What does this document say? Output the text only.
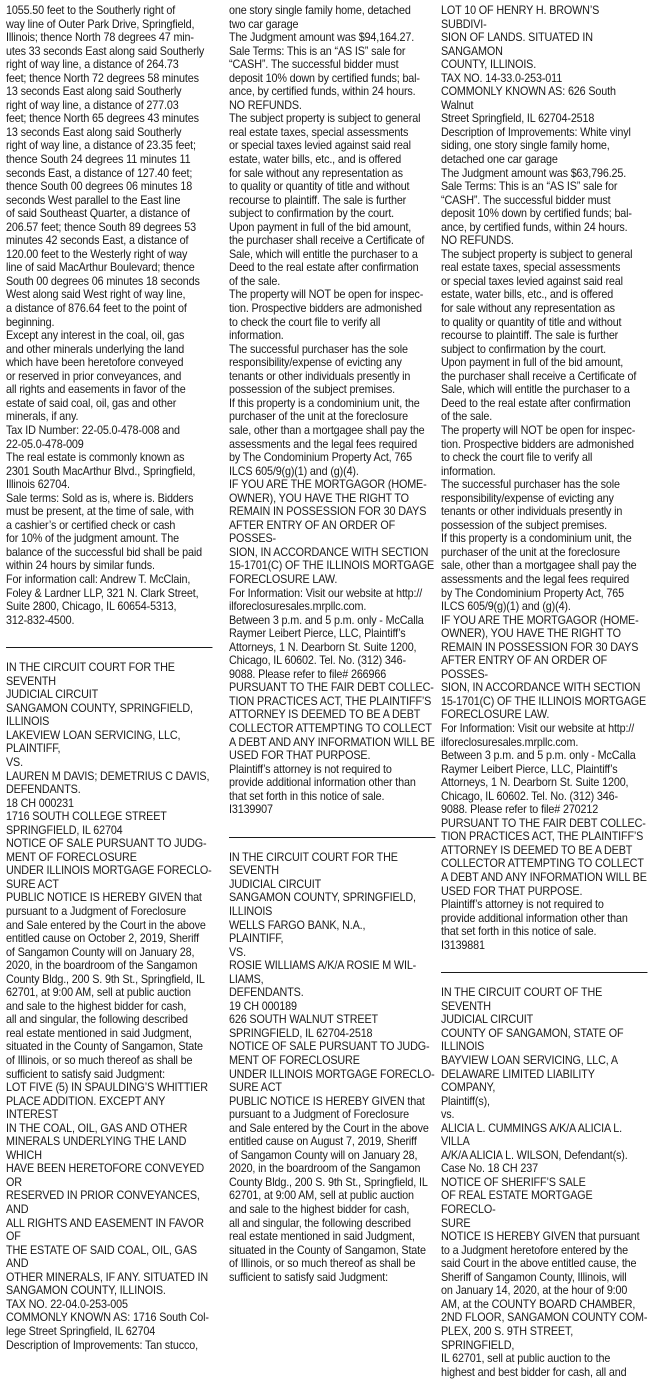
1055.50 feet to the Southerly right of
way line of Outer Park Drive, Springfield,
Illinois; thence North 78 degrees 47 min-
utes 33 seconds East along said Southerly
right of way line, a distance of 264.73
feet; thence North 72 degrees 58 minutes
13 seconds East along said Southerly
right of way line, a distance of 277.03
feet; thence North 65 degrees 43 minutes
13 seconds East along said Southerly
right of way line, a distance of 23.35 feet;
thence South 24 degrees 11 minutes 11
seconds East, a distance of 127.40 feet;
thence South 00 degrees 06 minutes 18
seconds West parallel to the East line
of said Southeast Quarter, a distance of
206.57 feet; thence South 89 degrees 53
minutes 42 seconds East, a distance of
120.00 feet to the Westerly right of way
line of said MacArthur Boulevard; thence
South 00 degrees 06 minutes 18 seconds
West along said West right of way line,
a distance of 876.64 feet to the point of
beginning.
Except any interest in the coal, oil, gas
and other minerals underlying the land
which have been heretofore conveyed
or reserved in prior conveyances, and
all rights and easements in favor of the
estate of said coal, oil, gas and other
minerals, if any.
Tax ID Number: 22-05.0-478-008 and
22-05.0-478-009
The real estate is commonly known as
2301 South MacArthur Blvd., Springfield,
Illinois 62704.
Sale terms: Sold as is, where is. Bidders
must be present, at the time of sale, with
a cashier’s or certified check or cash
for 10% of the judgment amount. The
balance of the successful bid shall be paid
within 24 hours by similar funds.
For information call: Andrew T. McClain,
Foley & Lardner LLP, 321 N. Clark Street,
Suite 2800, Chicago, IL 60654-5313,
312-832-4500.

IN THE CIRCUIT COURT FOR THE SEVENTH
JUDICIAL CIRCUIT
SANGAMON COUNTY, SPRINGFIELD,
ILLINOIS
LAKEVIEW LOAN SERVICING, LLC,
PLAINTIFF,
VS.
LAUREN M DAVIS; DEMETRIUS C DAVIS,
DEFENDANTS.
18 CH 000231
1716 SOUTH COLLEGE STREET
SPRINGFIELD, IL 62704
NOTICE OF SALE PURSUANT TO JUDG-
MENT OF FORECLOSURE
UNDER ILLINOIS MORTGAGE FORECLO-
SURE ACT
PUBLIC NOTICE IS HEREBY GIVEN that
pursuant to a Judgment of Foreclosure
and Sale entered by the Court in the above
entitled cause on October 2, 2019, Sheriff
of Sangamon County will on January 28,
2020, in the boardroom of the Sangamon
County Bldg., 200 S. 9th St., Springfield, IL
62701, at 9:00 AM, sell at public auction
and sale to the highest bidder for cash,
all and singular, the following described
real estate mentioned in said Judgment,
situated in the County of Sangamon, State
of Illinois, or so much thereof as shall be
sufficient to satisfy said Judgment:
LOT FIVE (5) IN SPAULDING’S WHITTIER
PLACE ADDITION. EXCEPT ANY INTEREST
IN THE COAL, OIL, GAS AND OTHER
MINERALS UNDERLYING THE LAND WHICH
HAVE BEEN HERETOFORE CONVEYED OR
RESERVED IN PRIOR CONVEYANCES, AND
ALL RIGHTS AND EASEMENT IN FAVOR OF
THE ESTATE OF SAID COAL, OIL, GAS AND
OTHER MINERALS, IF ANY. SITUATED IN
SANGAMON COUNTY, ILLINOIS.
TAX NO. 22-04.0-253-005
COMMONLY KNOWN AS: 1716 South Col-
lege Street Springfield, IL 62704
Description of Improvements: Tan stucco,

one story single family home, detached
two car garage
The Judgment amount was $94,164.27.
Sale Terms: This is an “AS IS” sale for
“CASH”. The successful bidder must
deposit 10% down by certified funds; bal-
ance, by certified funds, within 24 hours.
NO REFUNDS.
The subject property is subject to general
real estate taxes, special assessments
or special taxes levied against said real
estate, water bills, etc., and is offered
for sale without any representation as
to quality or quantity of title and without
recourse to plaintiff. The sale is further
subject to confirmation by the court.
Upon payment in full of the bid amount,
the purchaser shall receive a Certificate of
Sale, which will entitle the purchaser to a
Deed to the real estate after confirmation
of the sale.
The property will NOT be open for inspec-
tion. Prospective bidders are admonished
to check the court file to verify all
information.
The successful purchaser has the sole
responsibility/expense of evicting any
tenants or other individuals presently in
possession of the subject premises.
If this property is a condominium unit, the
purchaser of the unit at the foreclosure
sale, other than a mortgagee shall pay the
assessments and the legal fees required
by The Condominium Property Act, 765
ILCS 605/9(g)(1) and (g)(4).
IF YOU ARE THE MORTGAGOR (HOME-
OWNER), YOU HAVE THE RIGHT TO
REMAIN IN POSSESSION FOR 30 DAYS
AFTER ENTRY OF AN ORDER OF POSSES-
SION, IN ACCORDANCE WITH SECTION
15-1701(C) OF THE ILLINOIS MORTGAGE
FORECLOSURE LAW.
For Information: Visit our website at http://
ilforeclosuresales.mrpllc.com.
Between 3 p.m. and 5 p.m. only - McCalla
Raymer Leibert Pierce, LLC, Plaintiff’s
Attorneys, 1 N. Dearborn St. Suite 1200,
Chicago, IL 60602. Tel. No. (312) 346-
9088. Please refer to file# 266966
PURSUANT TO THE FAIR DEBT COLLEC-
TION PRACTICES ACT, THE PLAINTIFF’S
ATTORNEY IS DEEMED TO BE A DEBT
COLLECTOR ATTEMPTING TO COLLECT
A DEBT AND ANY INFORMATION WILL BE
USED FOR THAT PURPOSE.
Plaintiff’s attorney is not required to
provide additional information other than
that set forth in this notice of sale.
I3139907

IN THE CIRCUIT COURT FOR THE SEVENTH
JUDICIAL CIRCUIT
SANGAMON COUNTY, SPRINGFIELD,
ILLINOIS
WELLS FARGO BANK, N.A.,
PLAINTIFF,
VS.
ROSIE WILLIAMS A/K/A ROSIE M WIL-
LIAMS,
DEFENDANTS.
19 CH 000189
626 SOUTH WALNUT STREET
SPRINGFIELD, IL 62704-2518
NOTICE OF SALE PURSUANT TO JUDG-
MENT OF FORECLOSURE
UNDER ILLINOIS MORTGAGE FORECLO-
SURE ACT
PUBLIC NOTICE IS HEREBY GIVEN that
pursuant to a Judgment of Foreclosure
and Sale entered by the Court in the above
entitled cause on August 7, 2019, Sheriff
of Sangamon County will on January 28,
2020, in the boardroom of the Sangamon
County Bldg., 200 S. 9th St., Springfield, IL
62701, at 9:00 AM, sell at public auction
and sale to the highest bidder for cash,
all and singular, the following described
real estate mentioned in said Judgment,
situated in the County of Sangamon, State
of Illinois, or so much thereof as shall be
sufficient to satisfy said Judgment:

LOT 10 OF HENRY H. BROWN’S SUBDIVI-
SION OF LANDS. SITUATED IN SANGAMON
COUNTY, ILLINOIS.
TAX NO. 14-33.0-253-011
COMMONLY KNOWN AS: 626 South Walnut
Street Springfield, IL 62704-2518
Description of Improvements: White vinyl
siding, one story single family home,
detached one car garage
The Judgment amount was $63,796.25.
Sale Terms: This is an “AS IS” sale for
“CASH”. The successful bidder must
deposit 10% down by certified funds; bal-
ance, by certified funds, within 24 hours.
NO REFUNDS.
The subject property is subject to general
real estate taxes, special assessments
or special taxes levied against said real
estate, water bills, etc., and is offered
for sale without any representation as
to quality or quantity of title and without
recourse to plaintiff. The sale is further
subject to confirmation by the court.
Upon payment in full of the bid amount,
the purchaser shall receive a Certificate of
Sale, which will entitle the purchaser to a
Deed to the real estate after confirmation
of the sale.
The property will NOT be open for inspec-
tion. Prospective bidders are admonished
to check the court file to verify all
information.
The successful purchaser has the sole
responsibility/expense of evicting any
tenants or other individuals presently in
possession of the subject premises.
If this property is a condominium unit, the
purchaser of the unit at the foreclosure
sale, other than a mortgagee shall pay the
assessments and the legal fees required
by The Condominium Property Act, 765
ILCS 605/9(g)(1) and (g)(4).
IF YOU ARE THE MORTGAGOR (HOME-
OWNER), YOU HAVE THE RIGHT TO
REMAIN IN POSSESSION FOR 30 DAYS
AFTER ENTRY OF AN ORDER OF POSSES-
SION, IN ACCORDANCE WITH SECTION
15-1701(C) OF THE ILLINOIS MORTGAGE
FORECLOSURE LAW.
For Information: Visit our website at http://
ilforeclosuresales.mrpllc.com.
Between 3 p.m. and 5 p.m. only - McCalla
Raymer Leibert Pierce, LLC, Plaintiff’s
Attorneys, 1 N. Dearborn St. Suite 1200,
Chicago, IL 60602. Tel. No. (312) 346-
9088. Please refer to file# 270212
PURSUANT TO THE FAIR DEBT COLLEC-
TION PRACTICES ACT, THE PLAINTIFF’S
ATTORNEY IS DEEMED TO BE A DEBT
COLLECTOR ATTEMPTING TO COLLECT
A DEBT AND ANY INFORMATION WILL BE
USED FOR THAT PURPOSE.
Plaintiff’s attorney is not required to
provide additional information other than
that set forth in this notice of sale.
I3139881

IN THE CIRCUIT COURT OF THE SEVENTH
JUDICIAL CIRCUIT
COUNTY OF SANGAMON, STATE OF
ILLINOIS
BAYVIEW LOAN SERVICING, LLC, A
DELAWARE LIMITED LIABILITY COMPANY,
Plaintiff(s),
vs.
ALICIA L. CUMMINGS A/K/A ALICIA L. VILLA
A/K/A ALICIA L. WILSON, Defendant(s).
Case No. 18 CH 237
NOTICE OF SHERIFF’S SALE
OF REAL ESTATE MORTGAGE FORECLO-
SURE
NOTICE IS HEREBY GIVEN that pursuant
to a Judgment heretofore entered by the
said Court in the above entitled cause, the
Sheriff of Sangamon County, Illinois, will
on January 14, 2020, at the hour of 9:00
AM, at the COUNTY BOARD CHAMBER,
2ND FLOOR, SANGAMON COUNTY COM-
PLEX, 200 S. 9TH STREET, SPRINGFIELD,
IL 62701, sell at public auction to the
highest and best bidder for cash, all and
